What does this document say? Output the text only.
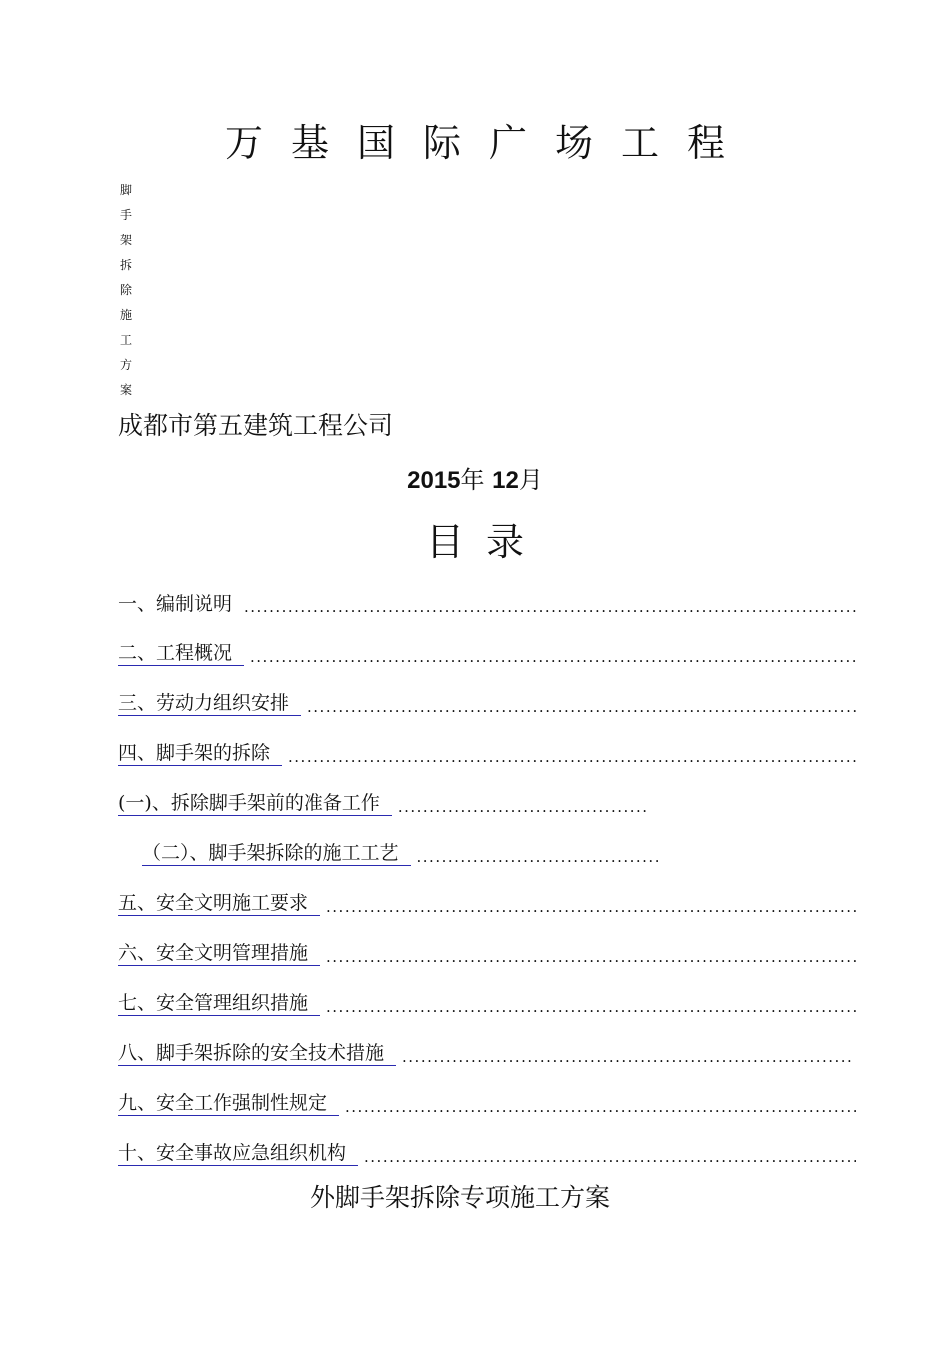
万基国际广场工程
脚
手
架
拆
除
施
工
方
案
成都市第五建筑工程公司
2015年 12月
目录
一、编制说明
.....
二、工程概况
.....
三、劳动力组织安排
.....
四、脚手架的拆除
.....
(一)、拆除脚手架前的准备工作
.....
（二）、脚手架拆除的施工工艺
.....
五、安全文明施工要求
.....
六、安全文明管理措施
.....
七、安全管理组织措施
.....
八、脚手架拆除的安全技术措施
.....
九、安全工作强制性规定
.....
十、安全事故应急组织机构
.....
外脚手架拆除专项施工方案
